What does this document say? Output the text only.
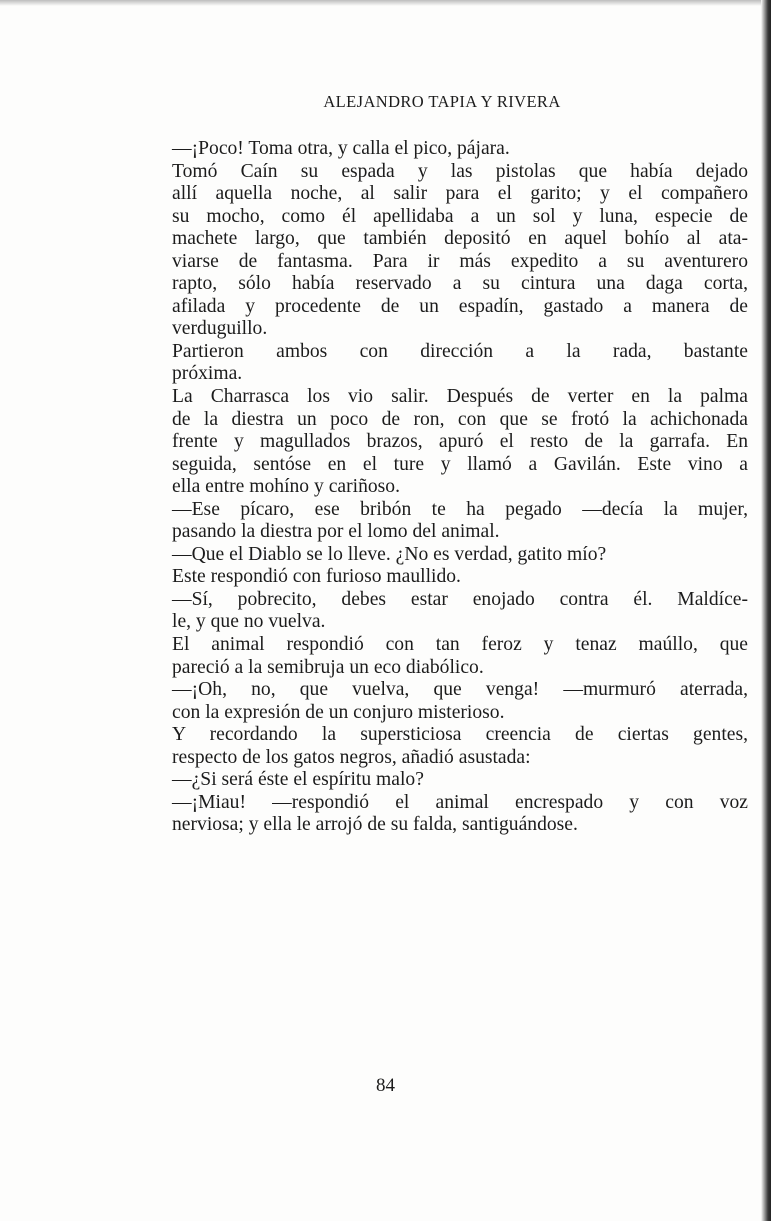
ALEJANDRO TAPIA Y RIVERA

—¡Poco! Toma otra, y calla el pico, pájara.

Tomó Caín su espada y las pistolas que había dejado
allí aquella noche, al salir para el garito; y el compañero
su mocho, como él apellidaba a un sol y luna, especie de
machete largo, que también depositó en aquel bohío al ata-
viarse de fantasma. Para ir más expedito a su aventurero
rapto, sólo había reservado a su cintura una daga corta,
afilada y procedente de un espadín, gastado a manera de
verduguillo.

Partieron ambos con dirección a la rada, bastante
próxima.

La Charrasca los vio salir. Después de verter en la palma
de la diestra un poco de ron, con que se frotó la achichonada
frente y magullados brazos, apuró el resto de la garrafa. En
seguida, sentóse en el ture y llamó a Gavilán. Este vino a
ella entre mohíno y cariñoso.

—Ese pícaro, ese bribón te ha pegado —decía la mujer,
pasando la diestra por el lomo del animal.

—Que el Diablo se lo lleve. ¿No es verdad, gatito mío?

Este respondió con furioso maullido.

—Sí, pobrecito, debes estar enojado contra él. Maldíce-
le, y que no vuelva.

El animal respondió con tan feroz y tenaz maúllo, que
pareció a la semibruja un eco diabólico.

—¡Oh, no, que vuelva, que venga! —murmuró aterrada,
con la expresión de un conjuro misterioso.

Y recordando la supersticiosa creencia de ciertas gentes,
respecto de los gatos negros, añadió asustada:

—¿Si será éste el espíritu malo?

—¡Miau! —respondió el animal encrespado y con voz
nerviosa; y ella le arrojó de su falda, santiguándose.

84
